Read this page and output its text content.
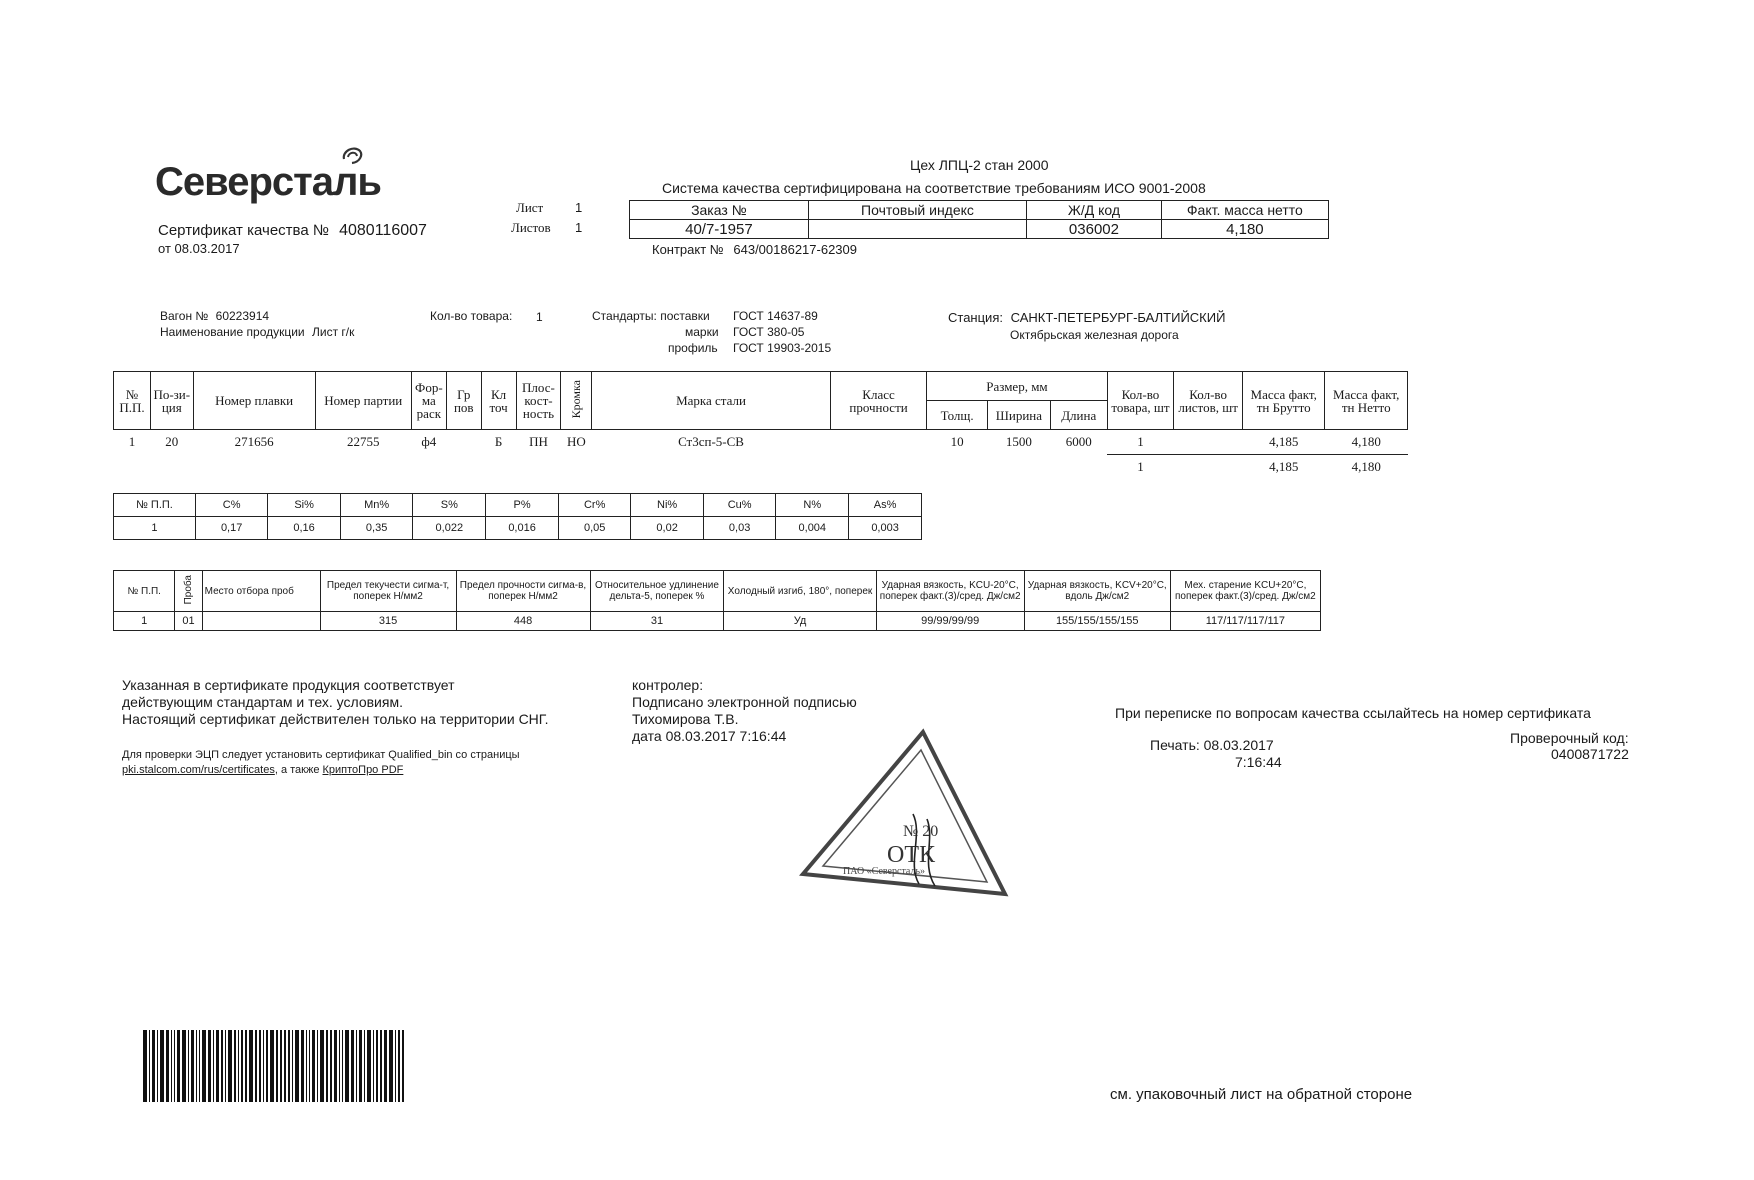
Северсталь
Сертификат качества № 4080116007
от 08.03.2017
Лист 1
Листов 1
Цех ЛПЦ-2 стан 2000
Система качества сертифицирована на соответствие требованиям ИСО 9001-2008
Заказ №	Почтовый индекс	Ж/Д код	Факт. масса нетто
40/7-1957		036002	4,180
Контракт № 643/00186217-62309
Вагон № 60223914
Наименование продукции Лист г/к
Кол-во товара: 1	Стандарты: поставки ГОСТ 14637-89
марки ГОСТ 380-05
профиль ГОСТ 19903-2015
Станция: САНКТ-ПЕТЕРБУРГ-БАЛТИЙСКИЙ
Октябрьская железная дорога
№ П.П.	По-зи-ция	Номер плавки	Номер партии	Фор-ма раск	Гр пов	Кл точ	Плос-кост-ность	Кромка	Марка стали	Класс прочности	Размер, мм			Кол-во товара, шт	Кол-во листов, шт	Масса факт, тн Брутто	Масса факт, тн Нетто
											Толщ.	Ширина	Длина				
1	20	271656	22755	ф4		Б	ПН	НО	Ст3сп-5-СВ		10	1500	6000	1		4,185	4,180
														1		4,185	4,180
№ П.П.	C%	Si%	Mn%	S%	P%	Cr%	Ni%	Cu%	N%	As%
1	0,17	0,16	0,35	0,022	0,016	0,05	0,02	0,03	0,004	0,003
№ П.П.	Проба	Место отбора проб	Предел текучести сигма-т, поперек Н/мм2	Предел прочности сигма-в, поперек Н/мм2	Относительное удлинение дельта-5, поперек %	Холодный изгиб, 180°, поперек	Ударная вязкость, KCU-20°C, поперек факт.(3)/сред. Дж/см2	Ударная вязкость, KCV+20°C, вдоль Дж/см2	Мех. старение KCU+20°C, поперек факт.(3)/сред. Дж/см2
1	01		315	448	31	Уд	99/99/99/99	155/155/155/155	117/117/117/117
Указанная в сертификате продукция соответствует
действующим стандартам и тех. условиям.
Настоящий сертификат действителен только на территории СНГ.
Для проверки ЭЦП следует установить сертификат Qualified_bin со страницы
pki.stalcom.com/rus/certificates, а также КриптоПро PDF
контролер:
Подписано электронной подписью
Тихомирова Т.В.
дата 08.03.2017 7:16:44
При переписке по вопросам качества ссылайтесь на номер сертификата
Печать: 08.03.2017
7:16:44
Проверочный код:
0400871722
№ 20
ОТК
ПАО «Северсталь»
см. упаковочный лист на обратной стороне
